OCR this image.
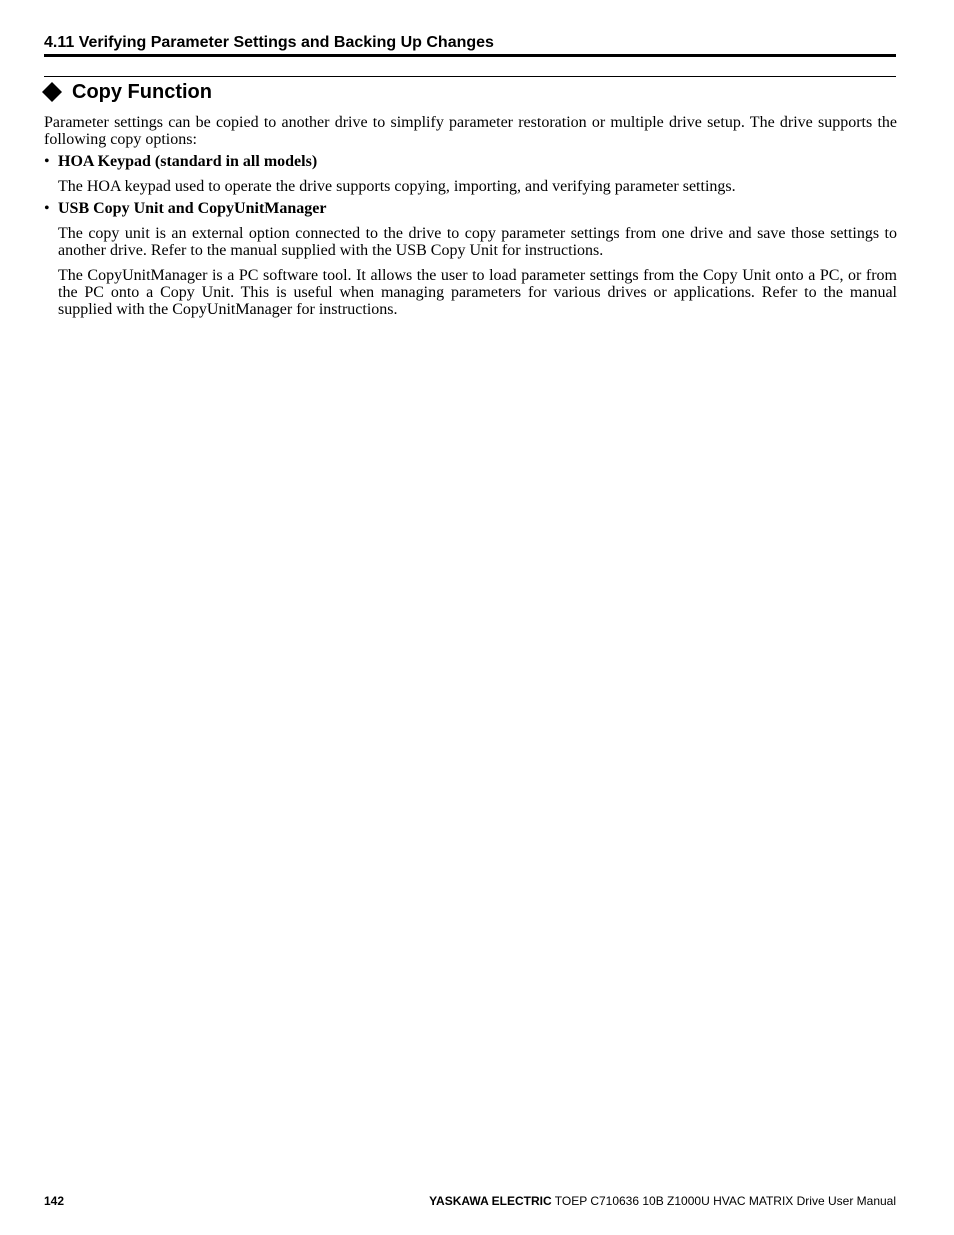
4.11 Verifying Parameter Settings and Backing Up Changes
Copy Function
Parameter settings can be copied to another drive to simplify parameter restoration or multiple drive setup. The drive supports the following copy options:
• HOA Keypad (standard in all models)
The HOA keypad used to operate the drive supports copying, importing, and verifying parameter settings.
• USB Copy Unit and CopyUnitManager
The copy unit is an external option connected to the drive to copy parameter settings from one drive and save those settings to another drive. Refer to the manual supplied with the USB Copy Unit for instructions.
The CopyUnitManager is a PC software tool. It allows the user to load parameter settings from the Copy Unit onto a PC, or from the PC onto a Copy Unit. This is useful when managing parameters for various drives or applications. Refer to the manual supplied with the CopyUnitManager for instructions.
142	YASKAWA ELECTRIC TOEP C710636 10B Z1000U HVAC MATRIX Drive User Manual
